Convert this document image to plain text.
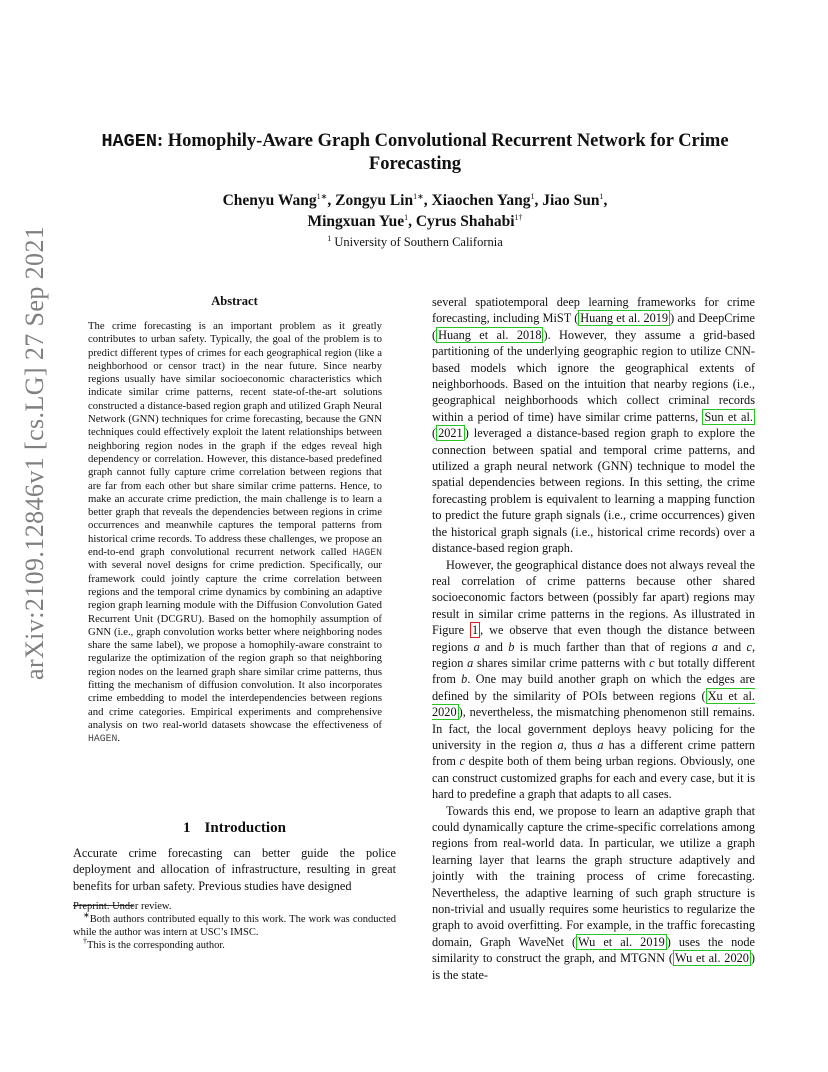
arXiv:2109.12846v1 [cs.LG] 27 Sep 2021
HAGEN: Homophily-Aware Graph Convolutional Recurrent Network for Crime
Forecasting
Chenyu Wang$^{1∗}$, Zongyu Lin$^{1∗}$, Xiaochen Yang$^1$, Jiao Sun$^1$,
Mingxuan Yue$^1$, Cyrus Shahabi$^{1\dagger}$
$^1$ University of Southern California
Abstract

The crime forecasting is an important problem as it greatly contributes to urban safety. Typically, the goal of the problem is to predict different types of crimes for each geographical region (like a neighborhood or censor tract) in the near future. Since nearby regions usually have similar socioeconomic characteristics which indicate similar crime patterns, recent state-of-the-art solutions constructed a distance-based region graph and utilized Graph Neural Network (GNN) techniques for crime forecasting, because the GNN techniques could effectively exploit the latent relationships between neighboring region nodes in the graph if the edges reveal high dependency or correlation. However, this distance-based predefined graph cannot fully capture crime correlation between regions that are far from each other but share similar crime patterns. Hence, to make an accurate crime prediction, the main challenge is to learn a better graph that reveals the dependencies between regions in crime occurrences and meanwhile captures the temporal patterns from historical crime records. To address these challenges, we propose an end-to-end graph convolutional recurrent network called HAGEN with several novel designs for crime prediction. Specifically, our framework could jointly capture the crime correlation between regions and the temporal crime dynamics by combining an adaptive region graph learning module with the Diffusion Convolution Gated Recurrent Unit (DCGRU). Based on the homophily assumption of GNN (i.e., graph convolution works better where neighboring nodes share the same label), we propose a homophily-aware constraint to regularize the optimization of the region graph so that neighboring region nodes on the learned graph share similar crime patterns, thus fitting the mechanism of diffusion convolution. It also incorporates crime embedding to model the interdependencies between regions and crime categories. Empirical experiments and comprehensive analysis on two real-world datasets showcase the effectiveness of HAGEN.

1 Introduction

Accurate crime forecasting can better guide the police deployment and allocation of infrastructure, resulting in great benefits for urban safety. Previous studies have designed

Preprint. Under review.

∗Both authors contributed equally to this work. The work was conducted while the author was intern at USC’s IMSC.

†This is the corresponding author.

several spatiotemporal deep learning frameworks for crime forecasting, including MiST ( Huang et al. 2019 ) and DeepCrime ( Huang et al. 2018 ). However, they assume a grid-based partitioning of the underlying geographic region to utilize CNN-based models which ignore the geographical extents of neighborhoods. Based on the intuition that nearby regions (i.e., geographical neighborhoods which collect criminal records within a period of time) have similar crime patterns, Sun et al. ( 2021 ) leveraged a distance-based region graph to explore the connection between spatial and temporal crime patterns, and utilized a graph neural network (GNN) technique to model the spatial dependencies between regions. In this setting, the crime forecasting problem is equivalent to learning a mapping function to predict the future graph signals (i.e., crime occurrences) given the historical graph signals (i.e., historical crime records) over a distance-based region graph.

However, the geographical distance does not always reveal the real correlation of crime patterns because other shared socioeconomic factors between (possibly far apart) regions may result in similar crime patterns in the regions. As illustrated in Figure 1 , we observe that even though the distance between regions a and b is much farther than that of regions a and c, region a shares similar crime patterns with c but totally different from b. One may build another graph on which the edges are defined by the similarity of POIs between regions ( Xu et al. 2020 ), nevertheless, the mismatching phenomenon still remains. In fact, the local government deploys heavy policing for the university in the region a, thus a has a different crime pattern from c despite both of them being urban regions. Obviously, one can construct customized graphs for each and every case, but it is hard to predefine a graph that adapts to all cases.

Towards this end, we propose to learn an adaptive graph that could dynamically capture the crime-specific correlations among regions from real-world data. In particular, we utilize a graph learning layer that learns the graph structure adaptively and jointly with the training process of crime forecasting. Nevertheless, the adaptive learning of such graph structure is non-trivial and usually requires some heuristics to regularize the graph to avoid overfitting. For example, in the traffic forecasting domain, Graph WaveNet ( Wu et al. 2019 ) uses the node similarity to construct the graph, and MTGNN ( Wu et al. 2020 ) is the state-
